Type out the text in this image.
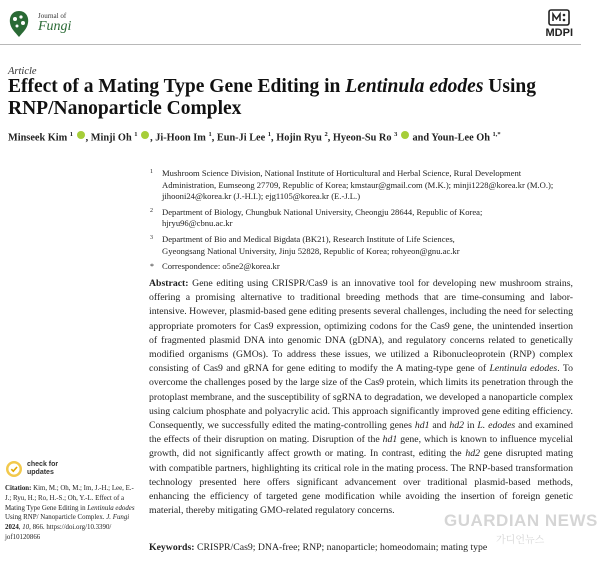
Journal of
Fungi	MDPI
Article
Effect of a Mating Type Gene Editing in Lentinula edodes Using RNP/Nanoparticle Complex
Minseek Kim $^1$ , Minji Oh $^1$ , Ji-Hoon Im $^1$, Eun-Ji Lee $^1$, Hojin Ryu $^2$, Hyeon-Su Ro $^3$  and Youn-Lee Oh $^{1,*}$
1 Mushroom Science Division, National Institute of Horticultural and Herbal Science, Rural Development
Administration, Eumseong 27709, Republic of Korea; kmstaur@gmail.com (M.K.); minji1228@korea.kr (M.O.);
jihooni24@korea.kr (J.-H.I.); ejg1105@korea.kr (E.-J.L.)
2 Department of Biology, Chungbuk National University, Cheongju 28644, Republic of Korea;
hjryu96@cbnu.ac.kr
3 Department of Bio and Medical Bigdata (BK21), Research Institute of Life Sciences,
Gyeongsang National University, Jinju 52828, Republic of Korea; rohyeon@gnu.ac.kr
* Correspondence: o5ne2@korea.kr
Abstract: Gene editing using CRISPR/Cas9 is an innovative tool for developing new mushroom strains, offering a promising alternative to traditional breeding methods that are time-consuming and labor-intensive. However, plasmid-based gene editing presents several challenges, including the need for selecting appropriate promoters for Cas9 expression, optimizing codons for the Cas9 gene, the unintended insertion of fragmented plasmid DNA into genomic DNA (gDNA), and regulatory concerns related to genetically modified organisms (GMOs). To address these issues, we utilized a Ribonucleoprotein (RNP) complex consisting of Cas9 and gRNA for gene editing to modify the A mating-type gene of Lentinula edodes. To overcome the challenges posed by the large size of the Cas9 protein, which limits its penetration through the protoplast membrane, and the susceptibility of sgRNA to degradation, we developed a nanoparticle complex using calcium phosphate and polyacrylic acid. This approach significantly improved gene editing efficiency. Consequently, we successfully edited the mating-controlling genes hd1 and hd2 in L. edodes and examined the effects of their disruption on mating. Disruption of the hd1 gene, which is known to influence mycelial growth, did not significantly affect growth or mating. In contrast, editing the hd2 gene disrupted mating with compatible partners, highlighting its critical role in the mating process. The RNP-based transformation technology presented here offers significant advancement over traditional plasmid-based methods, enhancing the efficiency of targeted gene modification while avoiding the insertion of foreign genetic material, thereby mitigating GMO-related regulatory concerns.
Keywords: CRISPR/Cas9; DNA-free; RNP; nanoparticle; homeodomain; mating type
check for
updates
Citation: Kim, M.; Oh, M.; Im, J.-H.; Lee, E.-J.; Ryu, H.; Ro, H.-S.; Oh, Y.-L. Effect of a Mating Type Gene Editing in Lentinula edodes Using RNP/ Nanoparticle Complex. J. Fungi 2024, 10, 866. https://doi.org/10.3390/ jof10120866
GUARDIAN NEWS
가디언뉴스
